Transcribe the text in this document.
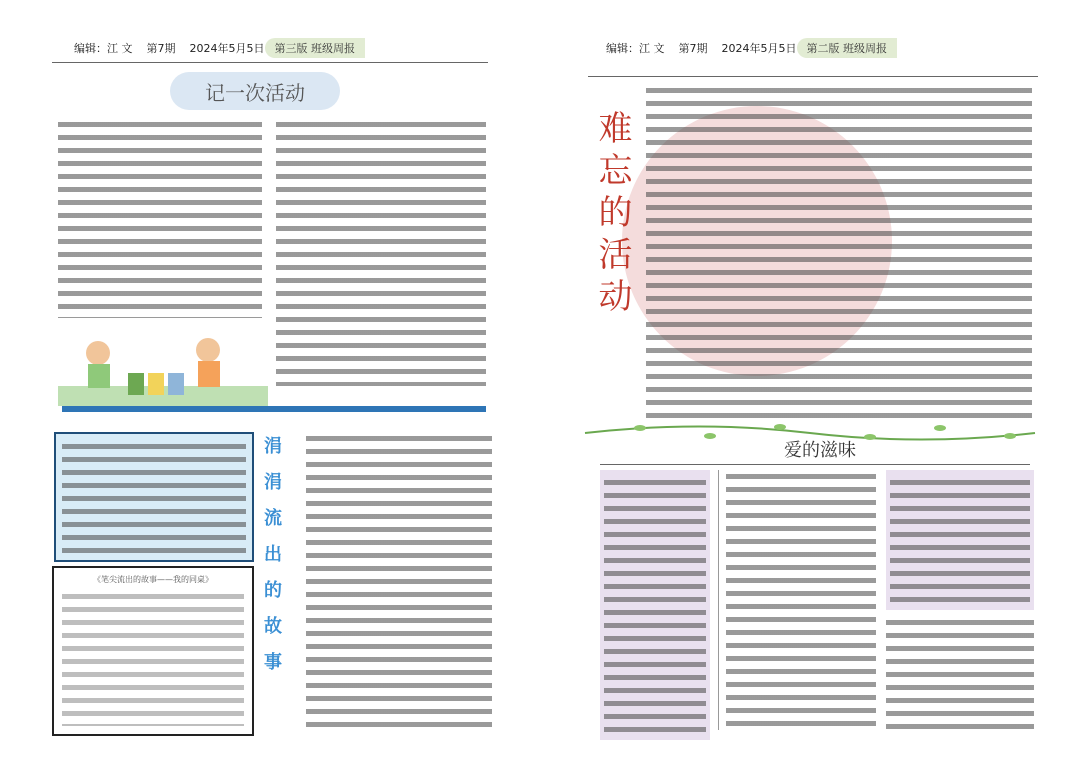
第三版 班级周报
2024年5月5日
第7期
编辑：江 文
记一次活动
涓涓流出的故事
《笔尖流出的故事——我的同桌》
第二版 班级周报
2024年5月5日
第7期
编辑：江 文
难忘的活动
爱的滋味
